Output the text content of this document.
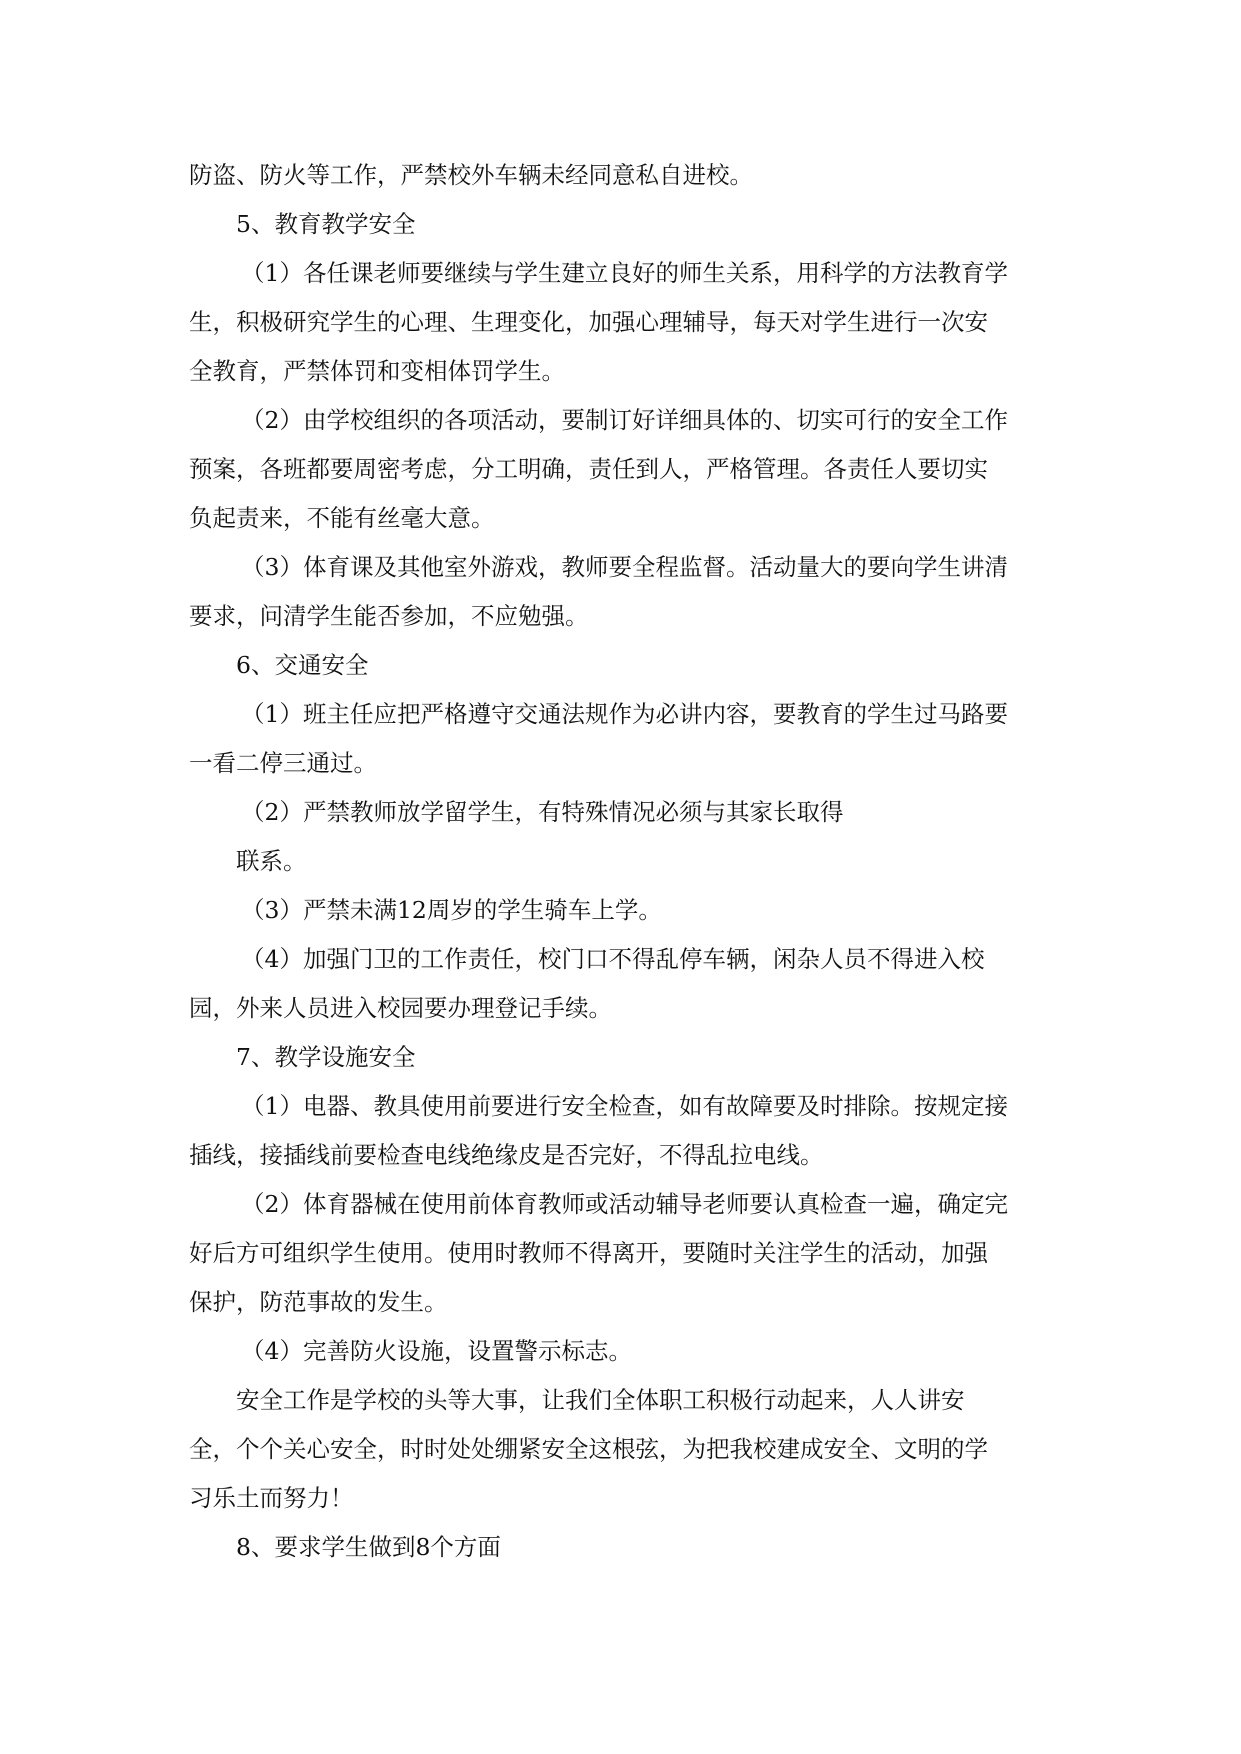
防盗、防火等工作，严禁校外车辆未经同意私自进校。
5、教育教学安全
（1）各任课老师要继续与学生建立良好的师生关系，用科学的方法教育学
生，积极研究学生的心理、生理变化，加强心理辅导，每天对学生进行一次安
全教育，严禁体罚和变相体罚学生。
（2）由学校组织的各项活动，要制订好详细具体的、切实可行的安全工作
预案，各班都要周密考虑，分工明确，责任到人，严格管理。各责任人要切实
负起责来，不能有丝毫大意。
（3）体育课及其他室外游戏，教师要全程监督。活动量大的要向学生讲清
要求，问清学生能否参加，不应勉强。
6、交通安全
（1）班主任应把严格遵守交通法规作为必讲内容，要教育的学生过马路要
一看二停三通过。
（2）严禁教师放学留学生，有特殊情况必须与其家长取得
联系。
（3）严禁未满12周岁的学生骑车上学。
（4）加强门卫的工作责任，校门口不得乱停车辆，闲杂人员不得进入校
园，外来人员进入校园要办理登记手续。
7、教学设施安全
（1）电器、教具使用前要进行安全检查，如有故障要及时排除。按规定接
插线，接插线前要检查电线绝缘皮是否完好，不得乱拉电线。
（2）体育器械在使用前体育教师或活动辅导老师要认真检查一遍，确定完
好后方可组织学生使用。使用时教师不得离开，要随时关注学生的活动，加强
保护，防范事故的发生。
（4）完善防火设施，设置警示标志。
安全工作是学校的头等大事，让我们全体职工积极行动起来，人人讲安
全，个个关心安全，时时处处绷紧安全这根弦，为把我校建成安全、文明的学
习乐土而努力！
8、要求学生做到8个方面
